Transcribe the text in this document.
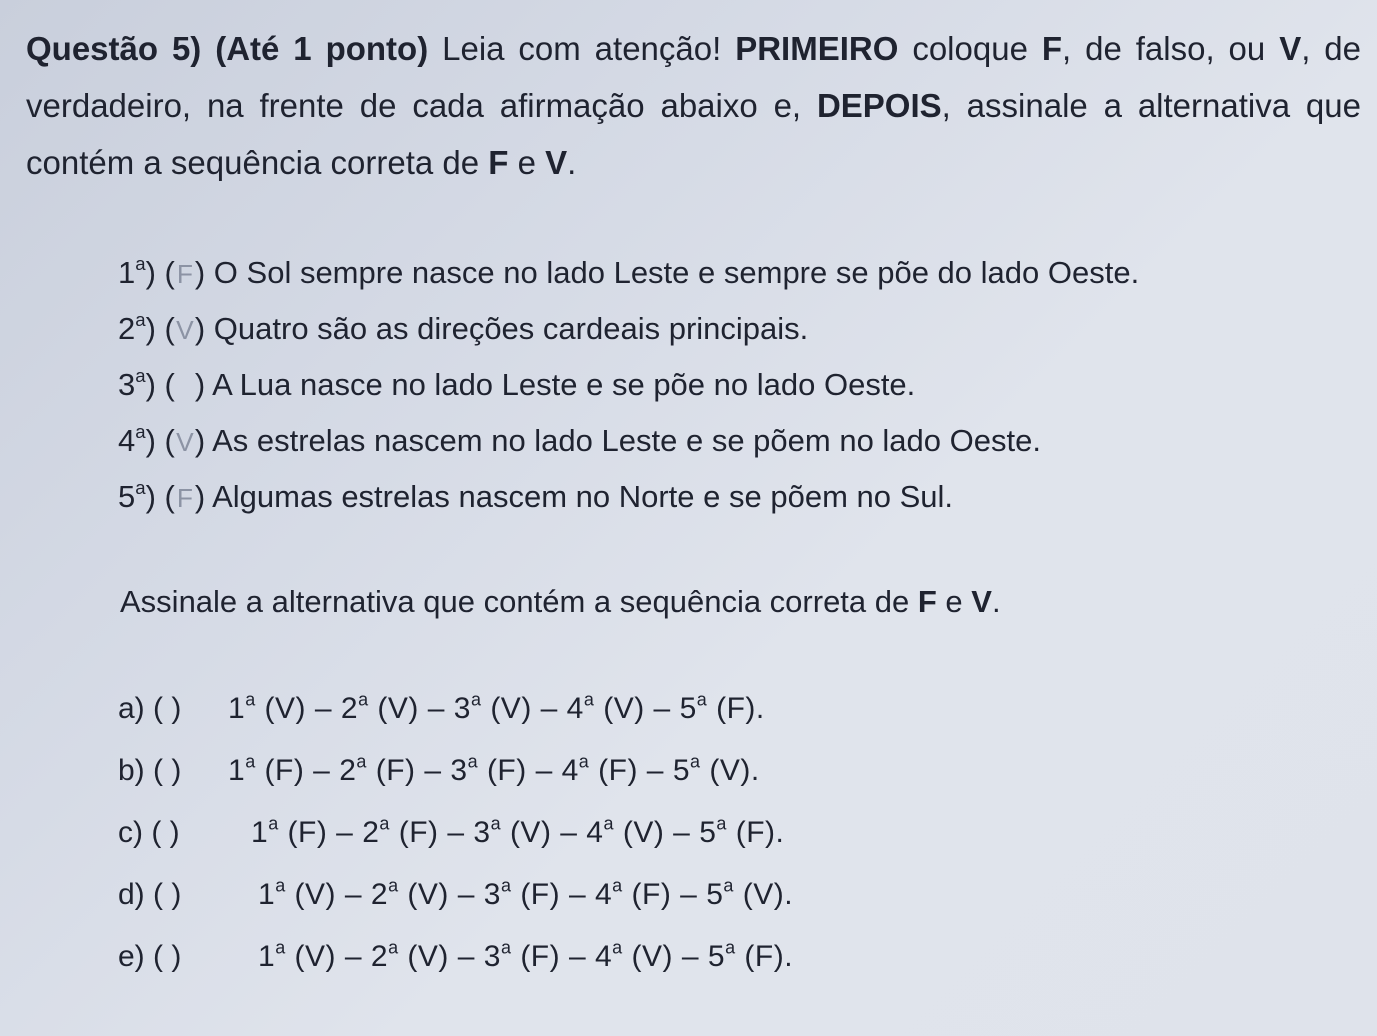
Questão 5) (Até 1 ponto) Leia com atenção! PRIMEIRO coloque F, de falso, ou V, de verdadeiro, na frente de cada afirmação abaixo e, DEPOIS, assinale a alternativa que contém a sequência correta de F e V.
1$^a$) (F) O Sol sempre nasce no lado Leste e sempre se põe do lado Oeste.
2$^a$) (V) Quatro são as direções cardeais principais.
3$^a$) ( ) A Lua nasce no lado Leste e se põe no lado Oeste.
4$^a$) (V) As estrelas nascem no lado Leste e se põem no lado Oeste.
5$^a$) (F) Algumas estrelas nascem no Norte e se põem no Sul.
Assinale a alternativa que contém a sequência correta de F e V.
a) ( )	1$^a$ (V) – 2$^a$ (V) – 3$^a$ (V) – 4$^a$ (V) – 5$^a$ (F).
b) ( )	1$^a$ (F) – 2$^a$ (F) – 3$^a$ (F) – 4$^a$ (F) – 5$^a$ (V).
c) ( )	1$^a$ (F) – 2$^a$ (F) – 3$^a$ (V) – 4$^a$ (V) – 5$^a$ (F).
d) ( )	1$^a$ (V) – 2$^a$ (V) – 3$^a$ (F) – 4$^a$ (F) – 5$^a$ (V).
e) ( )	1$^a$ (V) – 2$^a$ (V) – 3$^a$ (F) – 4$^a$ (V) – 5$^a$ (F).
